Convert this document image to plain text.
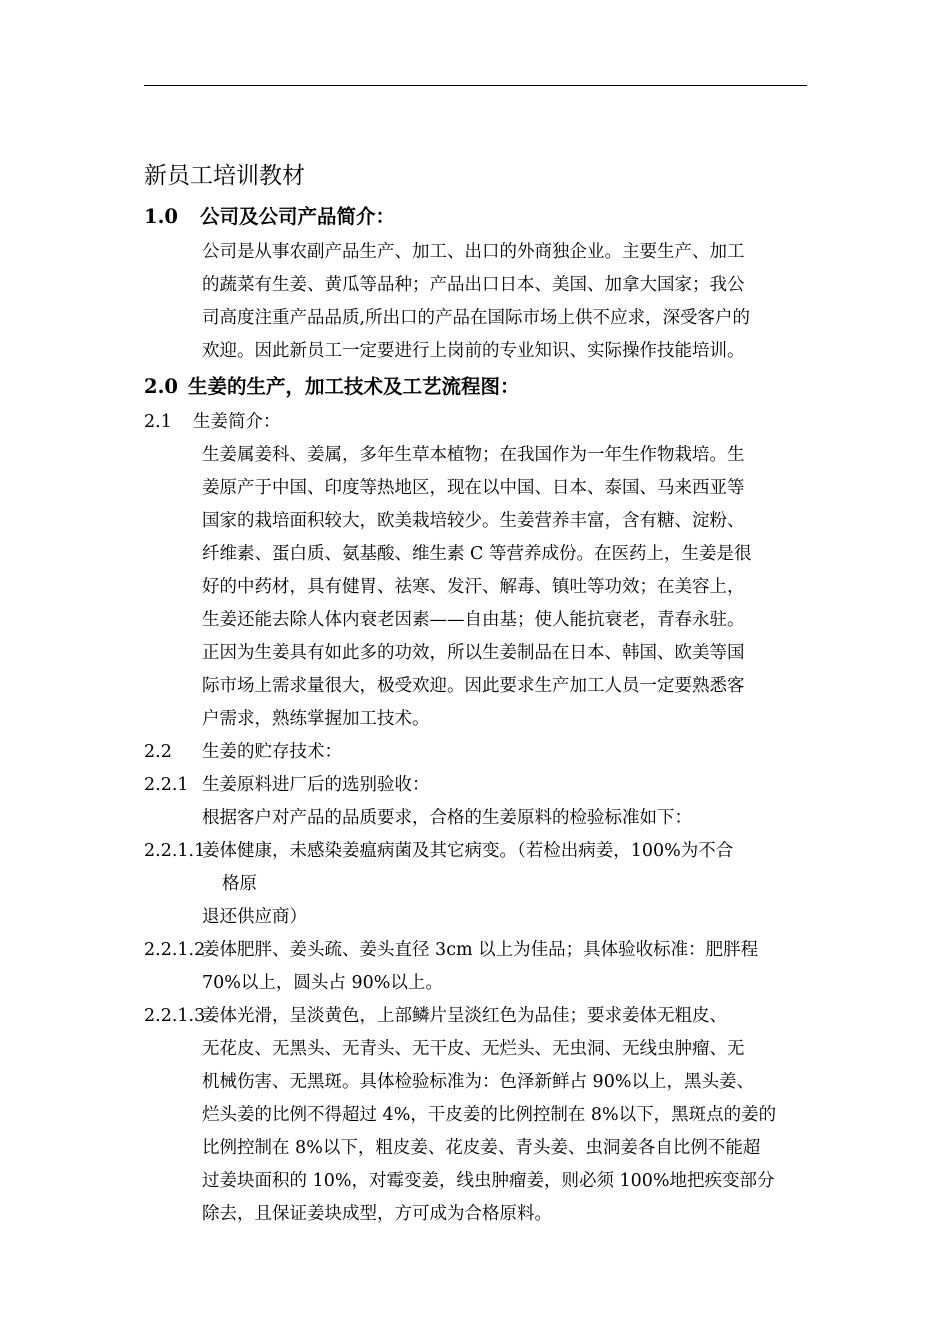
新员工培训教材
1.0 公司及公司产品简介：
公司是从事农副产品生产、加工、出口的外商独企业。主要生产、加工
的蔬菜有生姜、黄瓜等品种；产品出口日本、美国、加拿大国家；我公
司高度注重产品品质,所出口的产品在国际市场上供不应求，深受客户的
欢迎。因此新员工一定要进行上岗前的专业知识、实际操作技能培训。
2.0 生姜的生产，加工技术及工艺流程图：
2.1 生姜简介：
生姜属姜科、姜属，多年生草本植物；在我国作为一年生作物栽培。生
姜原产于中国、印度等热地区，现在以中国、日本、泰国、马来西亚等
国家的栽培面积较大，欧美栽培较少。生姜营养丰富，含有糖、淀粉、
纤维素、蛋白质、氨基酸、维生素 C 等营养成份。在医药上，生姜是很
好的中药材，具有健胃、祛寒、发汗、解毒、镇吐等功效；在美容上，
生姜还能去除人体内衰老因素——自由基；使人能抗衰老，青春永驻。
正因为生姜具有如此多的功效，所以生姜制品在日本、韩国、欧美等国
际市场上需求量很大，极受欢迎。因此要求生产加工人员一定要熟悉客
户需求，熟练掌握加工技术。
2.2 生姜的贮存技术：
2.2.1 生姜原料进厂后的选别验收：
根据客户对产品的品质要求，合格的生姜原料的检验标准如下：
2.2.1.1
姜体健康，未感染姜瘟病菌及其它病变。（若检出病姜，100%为不合
格原
退还供应商）
2.2.1.2
姜体肥胖、姜头疏、姜头直径 3cm 以上为佳品；具体验收标准：肥胖程
70%以上，圆头占 90%以上。
2.2.1.3
姜体光滑，呈淡黄色，上部鳞片呈淡红色为品佳；要求姜体无粗皮、
无花皮、无黑头、无青头、无干皮、无烂头、无虫洞、无线虫肿瘤、无
机械伤害、无黑斑。具体检验标准为：色泽新鲜占 90%以上，黑头姜、
烂头姜的比例不得超过 4%，干皮姜的比例控制在 8%以下，黑斑点的姜的
比例控制在 8%以下，粗皮姜、花皮姜、青头姜、虫洞姜各自比例不能超
过姜块面积的 10%，对霉变姜，线虫肿瘤姜，则必须 100%地把疾变部分
除去，且保证姜块成型，方可成为合格原料。
